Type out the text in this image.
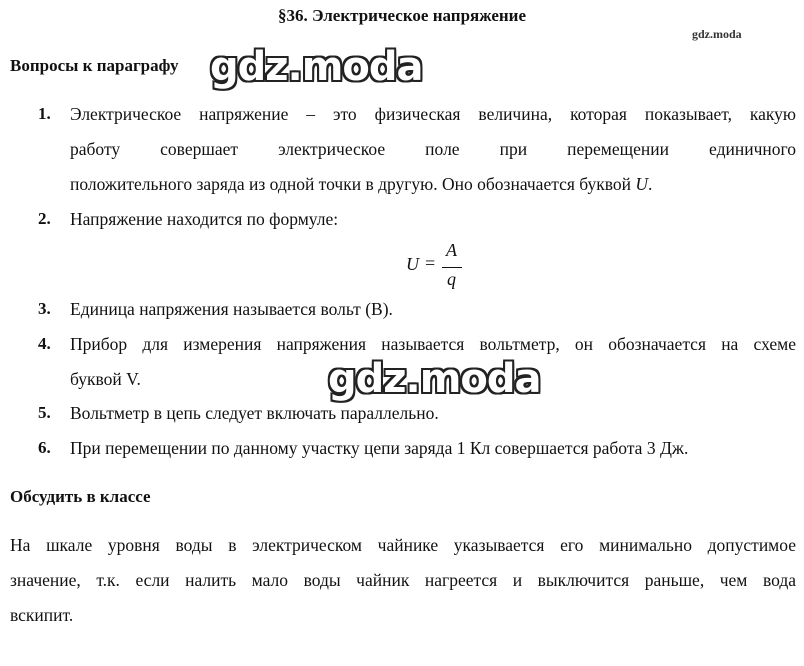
§36. Электрическое напряжение
gdz.moda
Вопросы к параграфу gdz.moda
1.	Электрическое напряжение – это физическая величина, которая показывает, какую
работу совершает электрическое поле при перемещении единичного
положительного заряда из одной точки в другую. Оно обозначается буквой U.
2.	Напряжение находится по формуле:
U =
A
q
3.	Единица напряжения называется вольт (В).
4.	Прибор для измерения напряжения называется вольтметр, он обозначается на схеме
буквой V.	gdz.moda
5.	Вольтметр в цепь следует включать параллельно.
6.	При перемещении по данному участку цепи заряда 1 Кл совершается работа 3 Дж.
Обсудить в классе
На шкале уровня воды в электрическом чайнике указывается его минимально допустимое
значение, т.к. если налить мало воды чайник нагреется и выключится раньше, чем вода
вскипит.
